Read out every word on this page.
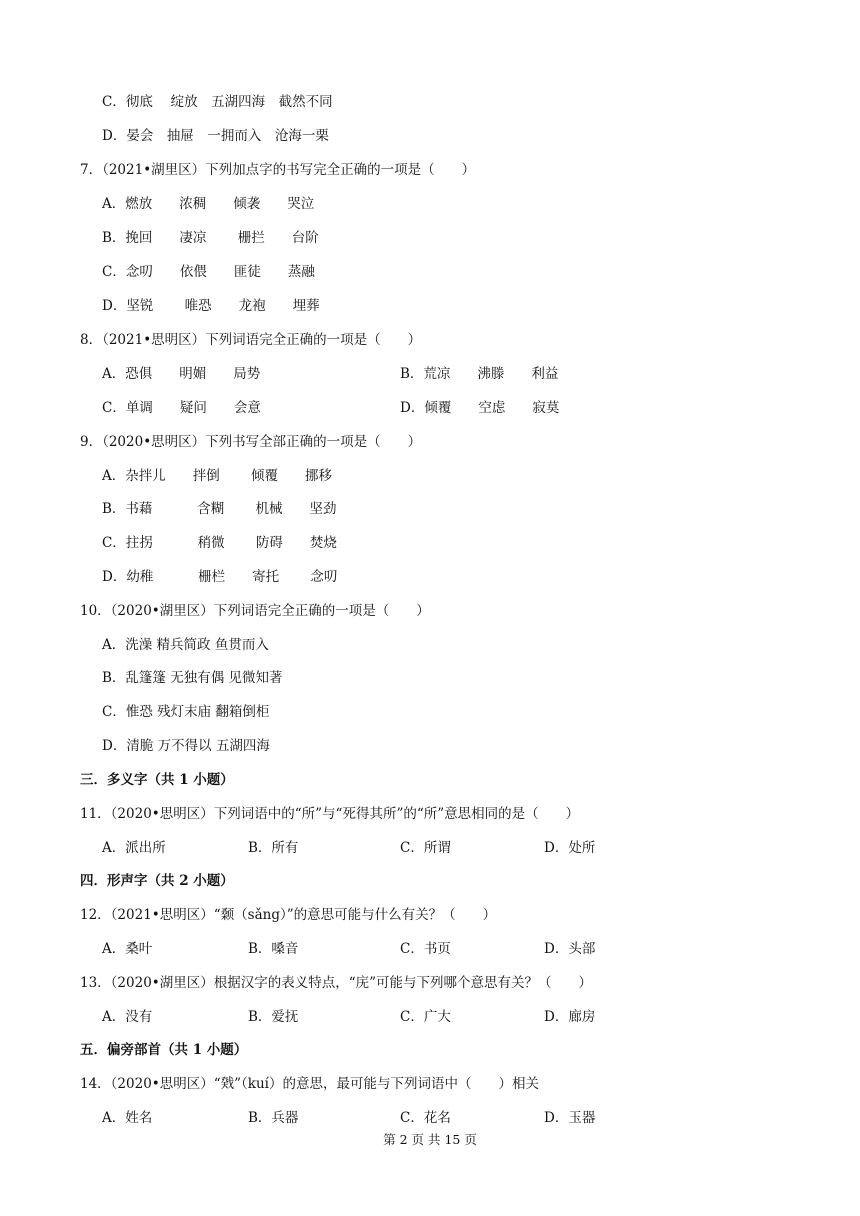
C．彻底　 绽放　五湖四海　截然不同
D．晏会　抽屉　一拥而入　沧海一栗
7．（2021•湖里区）下列加点字的书写完全正确的一项是（　　）
A．燃放　　浓稠　　倾袭　　哭泣
B．挽回　　凄凉　　 栅拦　　台阶
C．念叨　　依偎　　匪徒　　蒸融
D．坚锐　　 唯恐　　龙袍　　埋葬
8．（2021•思明区）下列词语完全正确的一项是（　　）
A．恐俱　　明媚　　局势	B．荒凉　　沸滕　　利益
C．单调　　疑问　　会意	D．倾覆　　空虑　　寂莫
9．（2020•思明区）下列书写全部正确的一项是（　　）
A．杂拌儿　　拌倒　　 倾覆　　挪移
B．书藉　　　 含糊　　 机械　　坚劲
C．拄拐　　　 稍微　　 防碍　　焚烧
D．幼稚　　　 栅栏　　寄托　　 念叨
10．（2020•湖里区）下列词语完全正确的一项是（　　）
A．洗澡 精兵简政 鱼贯而入
B．乱篷篷 无独有偶 见微知著
C．惟恐 残灯末庙 翻箱倒柜
D．清脆 万不得以 五湖四海
三．多义字（共 1 小题）
11．（2020•思明区）下列词语中的“所”与“死得其所”的“所”意思相同的是（　　）
A．派出所	B．所有	C．所谓	D．处所
四．形声字（共 2 小题）
12．（2021•思明区）“颡（sǎng）”的意思可能与什么有关？（　　）
A．桑叶	B．嗓音	C．书页	D．头部
13．（2020•湖里区）根据汉字的表义特点，“庑”可能与下列哪个意思有关？（　　）
A．没有	B．爱抚	C．广大	D．廊房
五．偏旁部首（共 1 小题）
14．（2020•思明区）“戣”（kuí）的意思，最可能与下列词语中（　　）相关
A．姓名	B．兵器	C．花名	D．玉器
第 2 页 共 15 页
